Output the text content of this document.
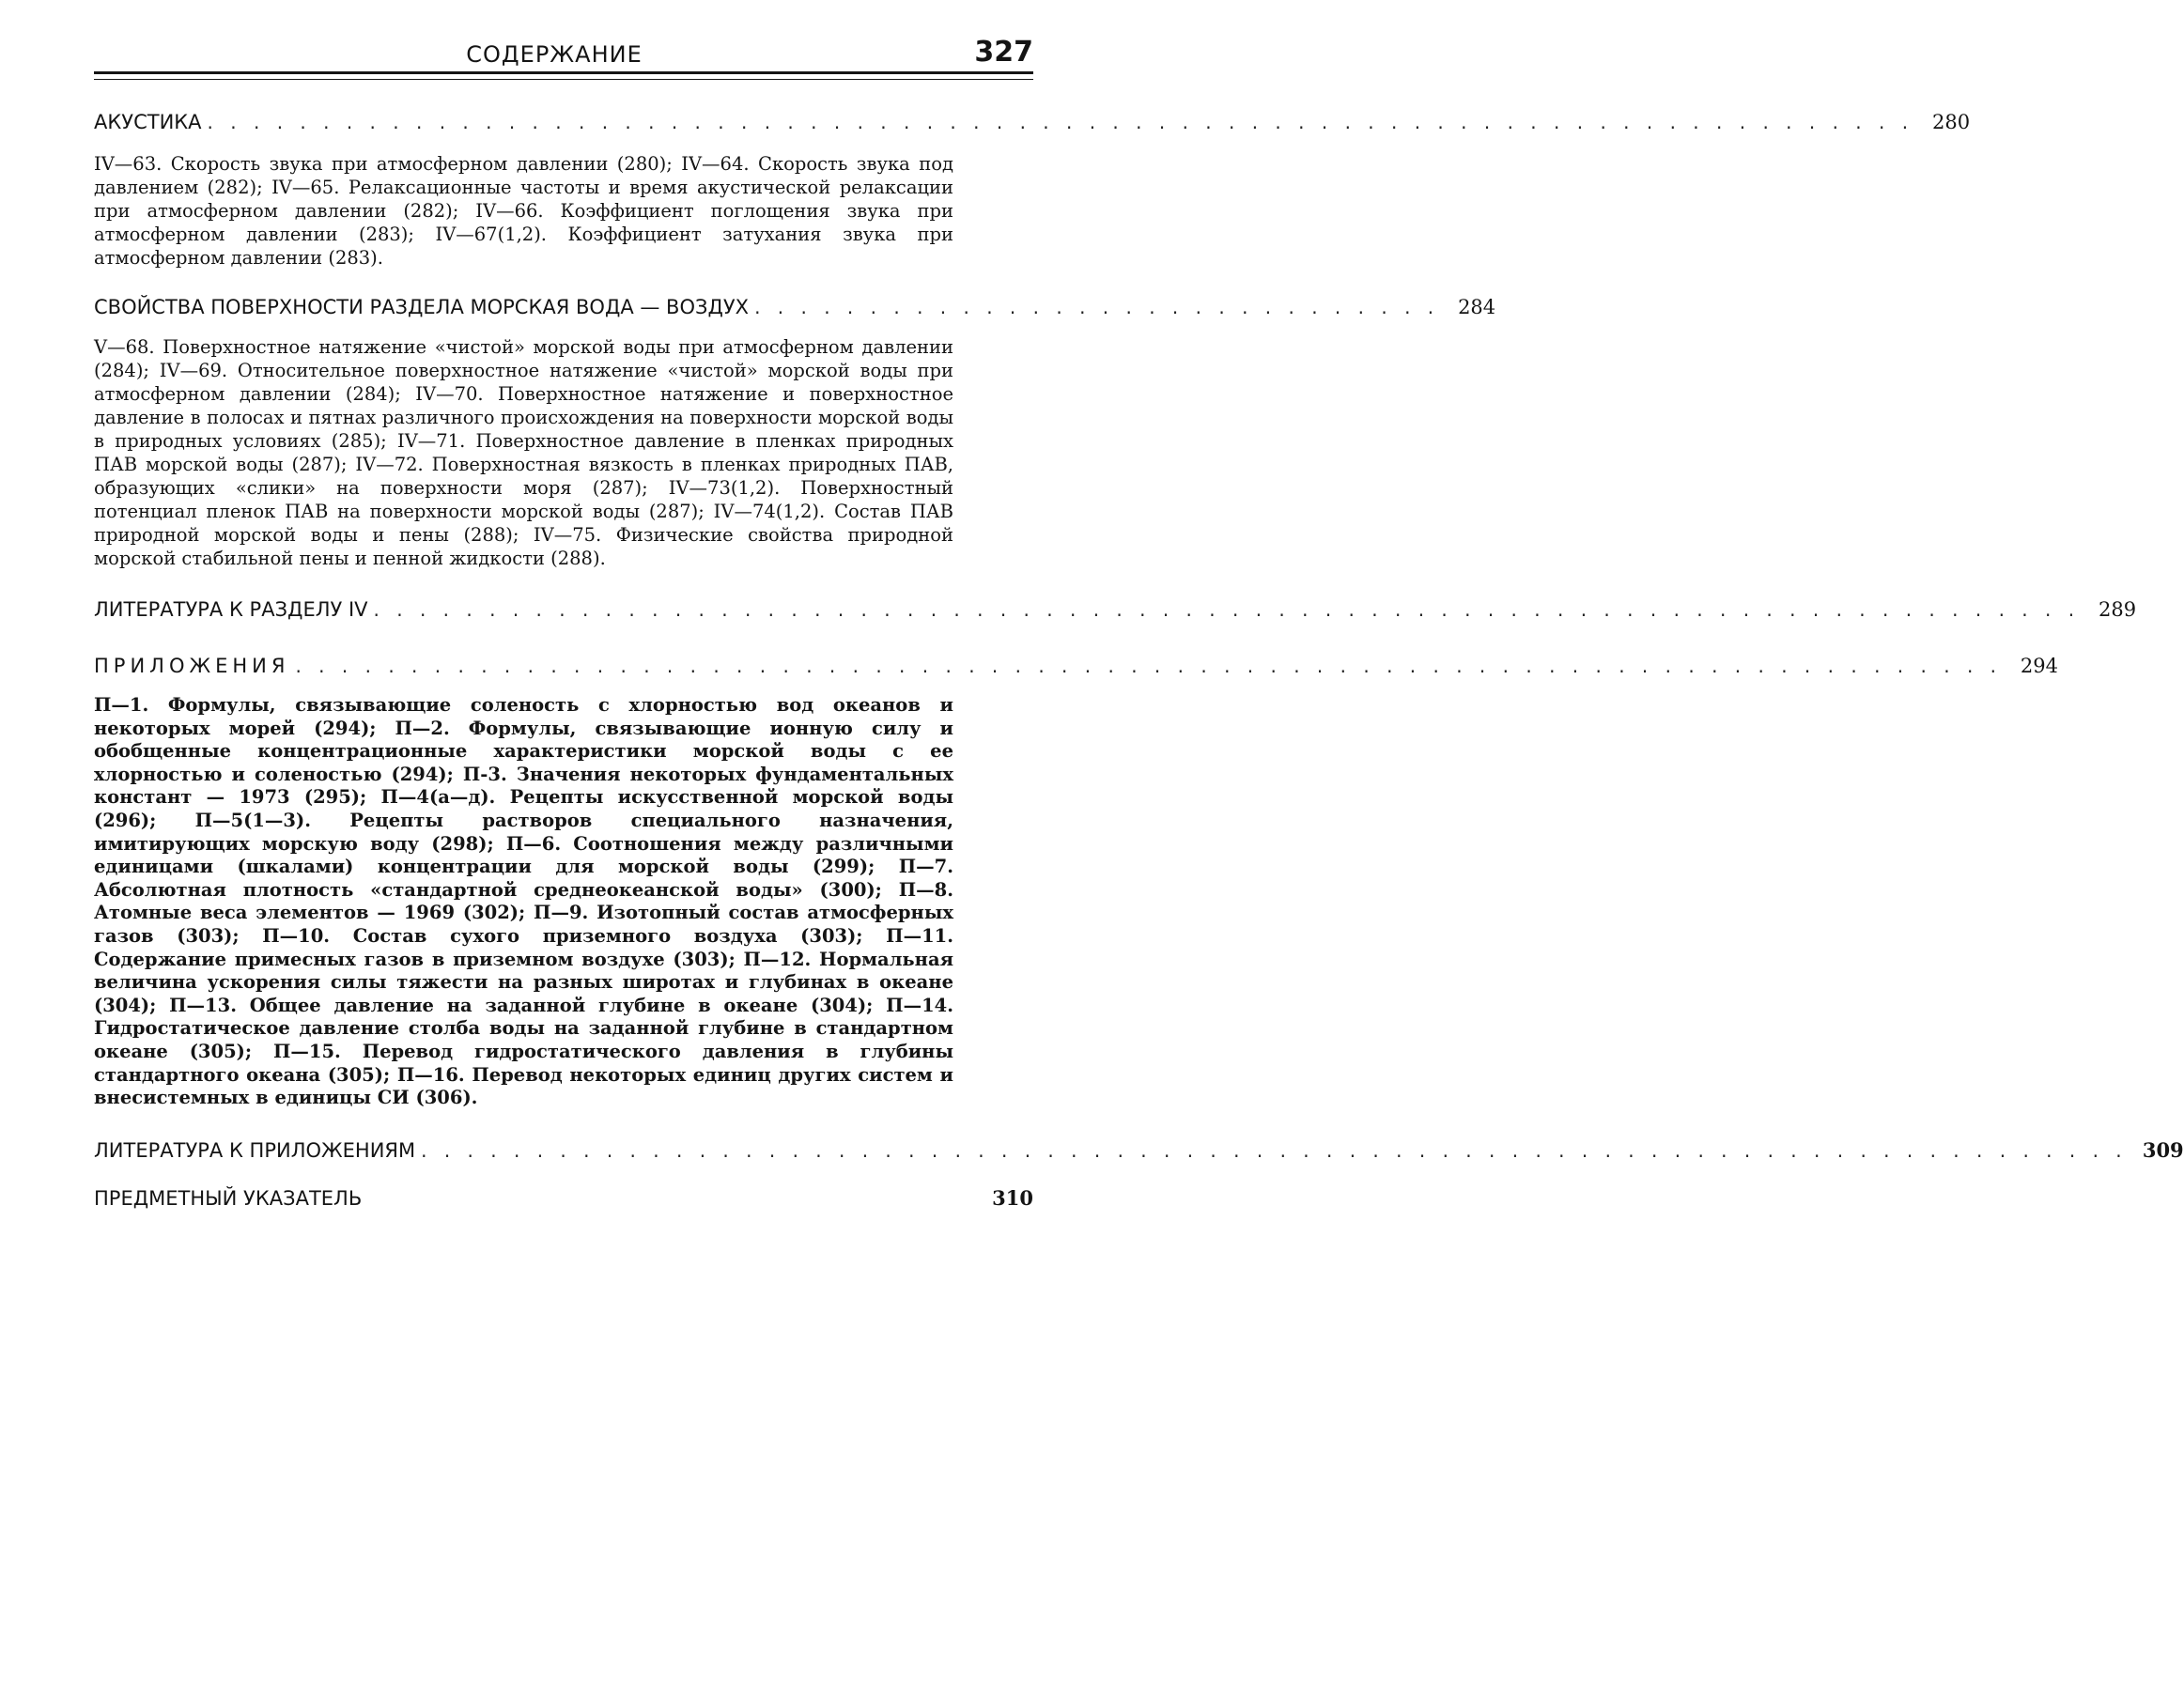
СОДЕРЖАНИЕ	327
АКУСТИКА . . . . . . . . . . . . . . . . . . . . . . . . . . . . . . . . . . . . . . . . . . . . . . . . . . . . . . . . . . . . . . . . . . . . . . . . . . 280
IV—63. Скорость звука при атмосферном давлении (280); IV—64. Скорость звука под давлением (282); IV—65. Релаксационные частоты и время акустической релаксации при атмосферном давлении (282); IV—66. Коэффициент поглощения звука при атмосферном давлении (283); IV—67(1,2). Коэффициент затухания звука при атмосферном давлении (283).
СВОЙСТВА ПОВЕРХНОСТИ РАЗДЕЛА МОРСКАЯ ВОДА — ВОЗДУХ . . . . . . . . . . . . . . . . . . . . . . . . . . . . . . 284
V—68. Поверхностное натяжение «чистой» морской воды при атмосферном давлении (284); IV—69. Относительное поверхностное натяжение «чистой» морской воды при атмосферном давлении (284); IV—70. Поверхностное натяжение и поверхностное давление в полосах и пятнах различного происхождения на поверхности морской воды в природных условиях (285); IV—71. Поверхностное давление в пленках природных ПАВ морской воды (287); IV—72. Поверхностная вязкость в пленках природных ПАВ, образующих «слики» на поверхности моря (287); IV—73(1,2). Поверхностный потенциал пленок ПАВ на поверхности морской воды (287); IV—74(1,2). Состав ПАВ природной морской воды и пены (288); IV—75. Физические свойства природной морской стабильной пены и пенной жидкости (288).
ЛИТЕРАТУРА К РАЗДЕЛУ IV . . . . . . . . . . . . . . . . . . . . . . . . . . . . . . . . . . . . . . . . . . . . . . . . . . . . . . . . . . . . . . . . . . . . . . . . . . 289
ПРИЛОЖЕНИЯ . . . . . . . . . . . . . . . . . . . . . . . . . . . . . . . . . . . . . . . . . . . . . . . . . . . . . . . . . . . . . . . . . . . . . . . . . . 294
П—1. Формулы, связывающие соленость с хлорностью вод океанов и некоторых морей (294); П—2. Формулы, связывающие ионную силу и обобщенные концентрационные характеристики морской воды с ее хлорностью и соленостью (294); П-3. Значения некоторых фундаментальных констант — 1973 (295); П—4(а—д). Рецепты искусственной морской воды (296); П—5(1—3). Рецепты растворов специального назначения, имитирующих морскую воду (298); П—6. Соотношения между различными единицами (шкалами) концентрации для морской воды (299); П—7. Абсолютная плотность «стандартной среднеокеанской воды» (300); П—8. Атомные веса элементов — 1969 (302); П—9. Изотопный состав атмосферных газов (303); П—10. Состав сухого приземного воздуха (303); П—11. Содержание примесных газов в приземном воздухе (303); П—12. Нормальная величина ускорения силы тяжести на разных широтах и глубинах в океане (304); П—13. Общее давление на заданной глубине в океане (304); П—14. Гидростатическое давление столба воды на заданной глубине в стандартном океане (305); П—15. Перевод гидростатического давления в глубины стандартного океана (305); П—16. Перевод некоторых единиц других систем и внесистемных в единицы СИ (306).
ЛИТЕРАТУРА К ПРИЛОЖЕНИЯМ . . . . . . . . . . . . . . . . . . . . . . . . . . . . . . . . . . . . . . . . . . . . . . . . . . . . . . . . . . . . . . . . . . . . . . . . . . 309
ПРЕДМЕТНЫЙ УКАЗАТЕЛЬ	310
